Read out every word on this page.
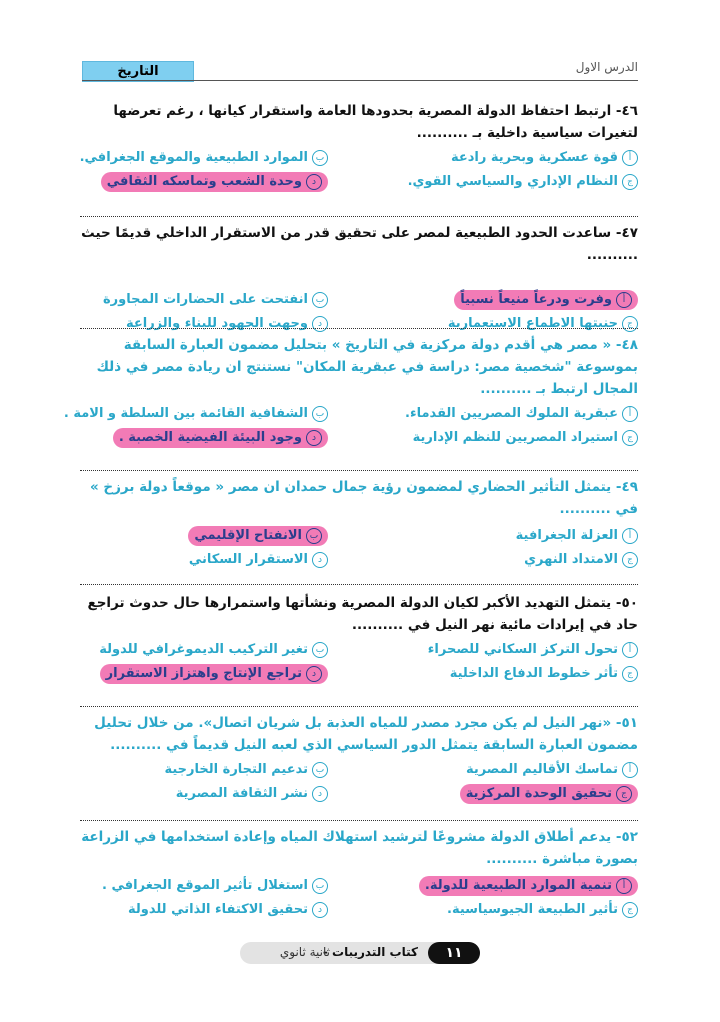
الدرس الاول
التاريخ
٤٦- ارتبط احتفاظ الدولة المصرية بحدودها العامة واستقرار كيانها ، رغم تعرضها لتغيرات سياسية داخلية بـ ..........
أقوة عسكرية وبحرية رادعة
بالموارد الطبيعية والموقع الجغرافي.
جالنظام الإداري والسياسي القوي.
دوحدة الشعب وتماسكه الثقافي
٤٧- ساعدت الحدود الطبيعية لمصر على تحقيق قدر من الاستقرار الداخلي قديمًا حيث ..........
أوفرت ودرعاً منيعاً نسبياً
بانفتحت على الحضارات المجاورة
ججنبتها الاطماع الاستعمارية
دوجهت الجهود للبناء والزراعة
٤٨- « مصر هي أقدم دولة مركزية في التاريخ » بتحليل مضمون العبارة السابقة بموسوعة "شخصية مصر: دراسة في عبقرية المكان" نستنتج ان ريادة مصر في ذلك المجال ارتبط بـ ..........
أعبقرية الملوك المصريين القدماء.
بالشفافية القائمة بين السلطة و الامة .
جاستيراد المصريين للنظم الإدارية
دوجود البيئة الفيضية الخصبة .
٤٩- يتمثل التأثير الحضاري لمضمون رؤية جمال حمدان ان مصر « موقعاً دولة برزخ » في ..........
أالعزلة الجغرافية
بالانفتاح الإقليمي
جالامتداد النهري
دالاستقرار السكاني
٥٠- يتمثل التهديد الأكبر لكيان الدولة المصرية ونشأتها واستمرارها حال حدوث تراجع حاد في إيرادات مائية نهر النيل في ..........
أتحول التركز السكاني للصحراء
بتغير التركيب الديموغرافي للدولة
جتأثر خطوط الدفاع الداخلية
دتراجع الإنتاج واهتزاز الاستقرار
٥١- «نهر النيل لم يكن مجرد مصدر للمياه العذبة بل شريان اتصال». من خلال تحليل مضمون العبارة السابقة يتمثل الدور السياسي الذي لعبه النيل قديماً في ..........
أتماسك الأقاليم المصرية
بتدعيم التجارة الخارجية
جتحقيق الوحدة المركزية
دنشر الثقافة المصرية
٥٢- يدعم أطلاق الدولة مشروعًا لترشيد استهلاك المياه وإعادة استخدامها في الزراعة بصورة مباشرة ..........
أتنمية الموارد الطبيعية للدولة.
باستغلال تأثير الموقع الجغرافي .
جتأثير الطبيعة الجيوسياسية.
دتحقيق الاكتفاء الذاتي للدولة
١١
كتاب التدريبات -
ثانية ثانوي
